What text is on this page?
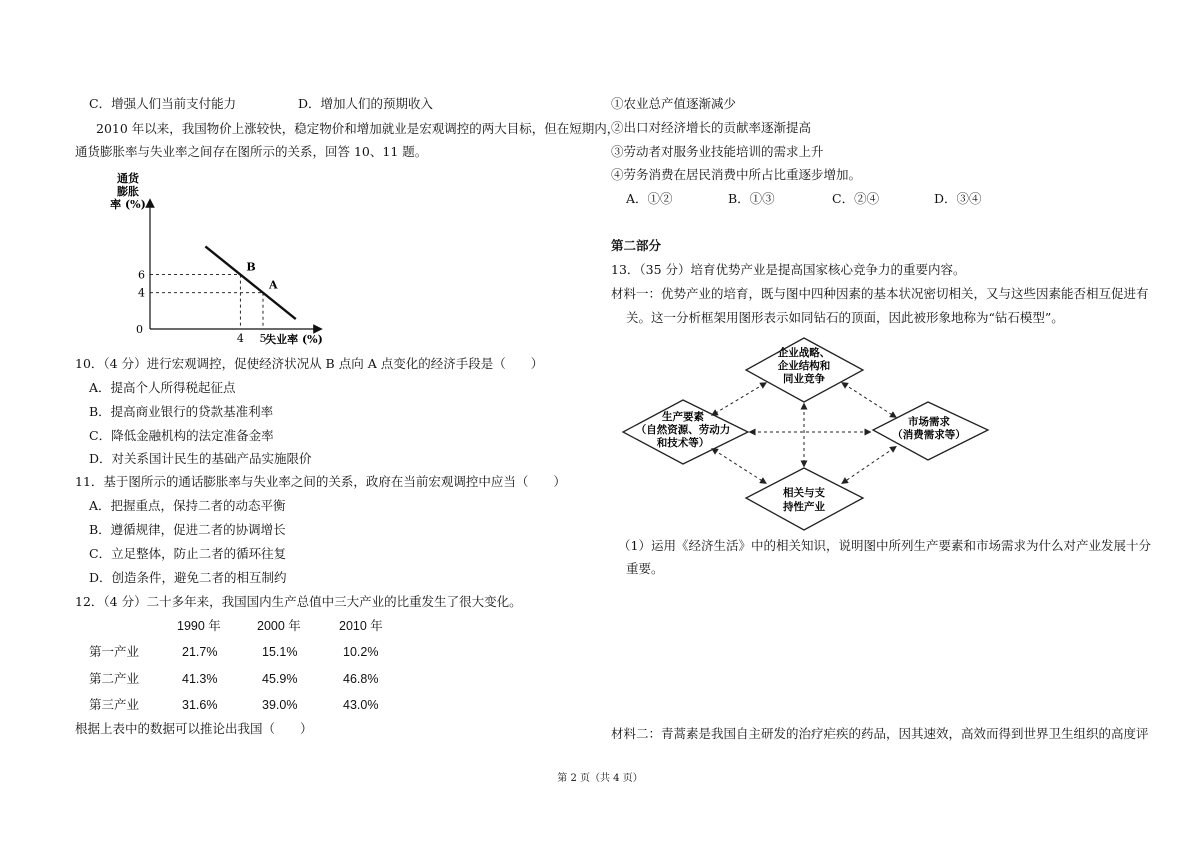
C．增强人们当前支付能力	D．增加人们的预期收入
2010 年以来，我国物价上涨较快，稳定物价和增加就业是宏观调控的两大目标，但在短期内，
通货膨胀率与失业率之间存在图所示的关系，回答 10、11 题。
通货
膨胀
率 (%)
0
失业率 (%)
B
A
4 5
6
4
10．（4 分）进行宏观调控，促使经济状况从 B 点向 A 点变化的经济手段是（　　）
A．提高个人所得税起征点
B．提高商业银行的贷款基准利率
C．降低金融机构的法定准备金率
D．对关系国计民生的基础产品实施限价
11．基于图所示的通话膨胀率与失业率之间的关系，政府在当前宏观调控中应当（　　）
A．把握重点，保持二者的动态平衡
B．遵循规律，促进二者的协调增长
C．立足整体，防止二者的循环往复
D．创造条件，避免二者的相互制约
12．（4 分）二十多年来，我国国内生产总值中三大产业的比重发生了很大变化。
1990 年	2000 年	2010 年
第一产业	21.7%	15.1%	10.2%
第二产业	41.3%	45.9%	46.8%
第三产业	31.6%	39.0%	43.0%
根据上表中的数据可以推论出我国（　　）
①农业总产值逐渐减少
②出口对经济增长的贡献率逐渐提高
③劳动者对服务业技能培训的需求上升
④劳务消费在居民消费中所占比重逐步增加。
A．①②	B．①③	C．②④	D．③④
第二部分
13．（35 分）培育优势产业是提高国家核心竞争力的重要内容。
材料一：优势产业的培育，既与图中四种因素的基本状况密切相关，又与这些因素能否相互促进有
关。这一分析框架用图形表示如同钻石的顶面，因此被形象地称为“钻石模型”。
企业战略、
企业结构和
同业竞争
生产要素
（自然资源、劳动力
和技术等）
市场需求
（消费需求等）
相关与支
持性产业
（1）运用《经济生活》中的相关知识，说明图中所列生产要素和市场需求为什么对产业发展十分
重要。
材料二：青蒿素是我国自主研发的治疗疟疾的药品，因其速效，高效而得到世界卫生组织的高度评
第 2 页（共 4 页）
